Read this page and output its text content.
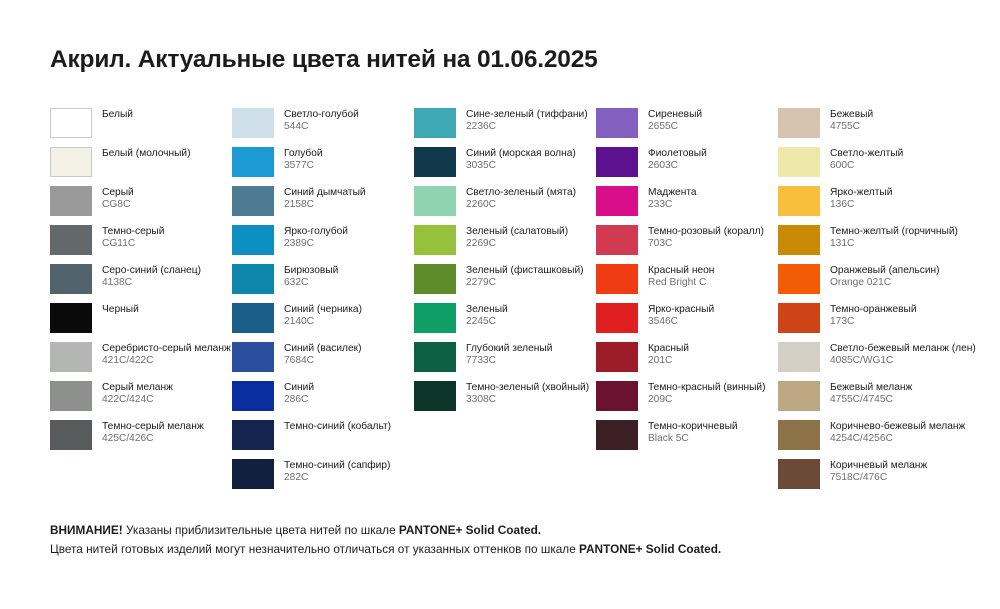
Акрил. Актуальные цвета нитей на 01.06.2025
Белый
Белый (молочный)
Серый
CG8C
Темно-серый
CG11C
Серо-синий (сланец)
4138C
Черный
Серебристо-серый меланж
421C/422C
Серый меланж
422C/424C
Темно-серый меланж
425C/426C
Светло-голубой
544C
Голубой
3577C
Синий дымчатый
2158C
Ярко-голубой
2389C
Бирюзовый
632C
Синий (черника)
2140C
Синий (василек)
7684C
Синий
286C
Темно-синий (кобальт)
Темно-синий (сапфир)
282C
Сине-зеленый (тиффани)
2236C
Синий (морская волна)
3035C
Светло-зеленый (мята)
2260C
Зеленый (салатовый)
2269C
Зеленый (фисташковый)
2279C
Зеленый
2245C
Глубокий зеленый
7733C
Темно-зеленый (хвойный)
3308C
Сиреневый
2655C
Фиолетовый
2603C
Маджента
233C
Темно-розовый (коралл)
703C
Красный неон
Red Bright C
Ярко-красный
3546C
Красный
201C
Темно-красный (винный)
209C
Темно-коричневый
Black 5C
Бежевый
4755C
Светло-желтый
600C
Ярко-желтый
136C
Темно-желтый (горчичный)
131C
Оранжевый (апельсин)
Orange 021C
Темно-оранжевый
173C
Светло-бежевый меланж (лен)
4085C/WG1C
Бежевый меланж
4755C/4745C
Коричнево-бежевый меланж
4254C/4256C
Коричневый меланж
7518C/476C
ВНИМАНИЕ! Указаны приблизительные цвета нитей по шкале PANTONE+ Solid Coated.
Цвета нитей готовых изделий могут незначительно отличаться от указанных оттенков по шкале PANTONE+ Solid Coated.
